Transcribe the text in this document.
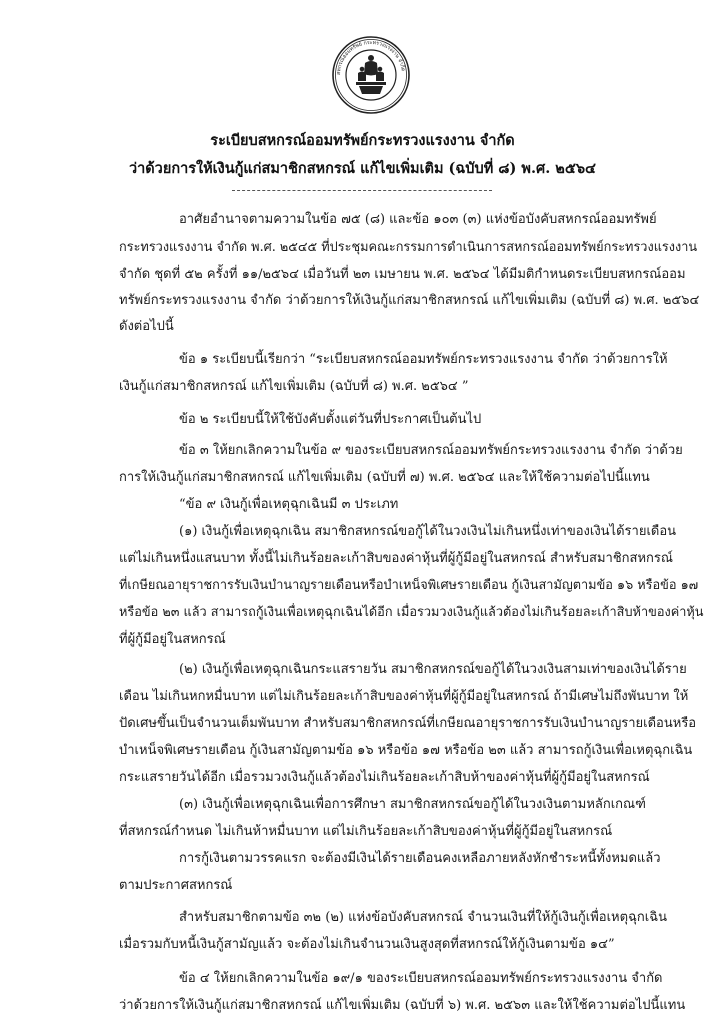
สหกรณ์ออมทรัพย์ กระทรวงแรงงาน จำกัด
ระเบียบสหกรณ์ออมทรัพย์กระทรวงแรงงาน จำกัด
ว่าด้วยการให้เงินกู้แก่สมาชิกสหกรณ์ แก้ไขเพิ่มเติม (ฉบับที่ ๘) พ.ศ. ๒๕๖๔
อาศัยอำนาจตามความในข้อ ๗๕ (๘) และข้อ ๑๐๓ (๓) แห่งข้อบังคับสหกรณ์ออมทรัพย์
กระทรวงแรงงาน จำกัด พ.ศ. ๒๕๔๕ ที่ประชุมคณะกรรมการดำเนินการสหกรณ์ออมทรัพย์กระทรวงแรงงาน
จำกัด ชุดที่ ๕๒ ครั้งที่ ๑๑/๒๕๖๔ เมื่อวันที่ ๒๓ เมษายน พ.ศ. ๒๕๖๔ ได้มีมติกำหนดระเบียบสหกรณ์ออม
ทรัพย์กระทรวงแรงงาน จำกัด ว่าด้วยการให้เงินกู้แก่สมาชิกสหกรณ์ แก้ไขเพิ่มเติม (ฉบับที่ ๘) พ.ศ. ๒๕๖๔
ดังต่อไปนี้
ข้อ ๑ ระเบียบนี้เรียกว่า “ระเบียบสหกรณ์ออมทรัพย์กระทรวงแรงงาน จำกัด ว่าด้วยการให้
เงินกู้แก่สมาชิกสหกรณ์ แก้ไขเพิ่มเติม (ฉบับที่ ๘) พ.ศ. ๒๕๖๔ ”
ข้อ ๒ ระเบียบนี้ให้ใช้บังคับตั้งแต่วันที่ประกาศเป็นต้นไป
ข้อ ๓ ให้ยกเลิกความในข้อ ๙ ของระเบียบสหกรณ์ออมทรัพย์กระทรวงแรงงาน จำกัด ว่าด้วย
การให้เงินกู้แก่สมาชิกสหกรณ์ แก้ไขเพิ่มเติม (ฉบับที่ ๗) พ.ศ. ๒๕๖๔ และให้ใช้ความต่อไปนี้แทน
“ข้อ ๙ เงินกู้เพื่อเหตุฉุกเฉินมี ๓ ประเภท
(๑) เงินกู้เพื่อเหตุฉุกเฉิน สมาชิกสหกรณ์ขอกู้ได้ในวงเงินไม่เกินหนึ่งเท่าของเงินได้รายเดือน
แต่ไม่เกินหนึ่งแสนบาท ทั้งนี้ไม่เกินร้อยละเก้าสิบของค่าหุ้นที่ผู้กู้มีอยู่ในสหกรณ์ สำหรับสมาชิกสหกรณ์
ที่เกษียณอายุราชการรับเงินบำนาญรายเดือนหรือบำเหน็จพิเศษรายเดือน กู้เงินสามัญตามข้อ ๑๖ หรือข้อ ๑๗
หรือข้อ ๒๓ แล้ว สามารถกู้เงินเพื่อเหตุฉุกเฉินได้อีก เมื่อรวมวงเงินกู้แล้วต้องไม่เกินร้อยละเก้าสิบห้าของค่าหุ้น
ที่ผู้กู้มีอยู่ในสหกรณ์
(๒) เงินกู้เพื่อเหตุฉุกเฉินกระแสรายวัน สมาชิกสหกรณ์ขอกู้ได้ในวงเงินสามเท่าของเงินได้ราย
เดือน ไม่เกินหกหมื่นบาท แต่ไม่เกินร้อยละเก้าสิบของค่าหุ้นที่ผู้กู้มีอยู่ในสหกรณ์ ถ้ามีเศษไม่ถึงพันบาท ให้
ปัดเศษขึ้นเป็นจำนวนเต็มพันบาท สำหรับสมาชิกสหกรณ์ที่เกษียณอายุราชการรับเงินบำนาญรายเดือนหรือ
บำเหน็จพิเศษรายเดือน กู้เงินสามัญตามข้อ ๑๖ หรือข้อ ๑๗ หรือข้อ ๒๓ แล้ว สามารถกู้เงินเพื่อเหตุฉุกเฉิน
กระแสรายวันได้อีก เมื่อรวมวงเงินกู้แล้วต้องไม่เกินร้อยละเก้าสิบห้าของค่าหุ้นที่ผู้กู้มีอยู่ในสหกรณ์
(๓) เงินกู้เพื่อเหตุฉุกเฉินเพื่อการศึกษา สมาชิกสหกรณ์ขอกู้ได้ในวงเงินตามหลักเกณฑ์
ที่สหกรณ์กำหนด ไม่เกินห้าหมื่นบาท แต่ไม่เกินร้อยละเก้าสิบของค่าหุ้นที่ผู้กู้มีอยู่ในสหกรณ์
การกู้เงินตามวรรคแรก จะต้องมีเงินได้รายเดือนคงเหลือภายหลังหักชำระหนี้ทั้งหมดแล้ว
ตามประกาศสหกรณ์
สำหรับสมาชิกตามข้อ ๓๒ (๒) แห่งข้อบังคับสหกรณ์ จำนวนเงินที่ให้กู้เงินกู้เพื่อเหตุฉุกเฉิน
เมื่อรวมกับหนี้เงินกู้สามัญแล้ว จะต้องไม่เกินจำนวนเงินสูงสุดที่สหกรณ์ให้กู้เงินตามข้อ ๑๔”
ข้อ ๔ ให้ยกเลิกความในข้อ ๑๙/๑ ของระเบียบสหกรณ์ออมทรัพย์กระทรวงแรงงาน จำกัด
ว่าด้วยการให้เงินกู้แก่สมาชิกสหกรณ์ แก้ไขเพิ่มเติม (ฉบับที่ ๖) พ.ศ. ๒๕๖๓ และให้ใช้ความต่อไปนี้แทน
